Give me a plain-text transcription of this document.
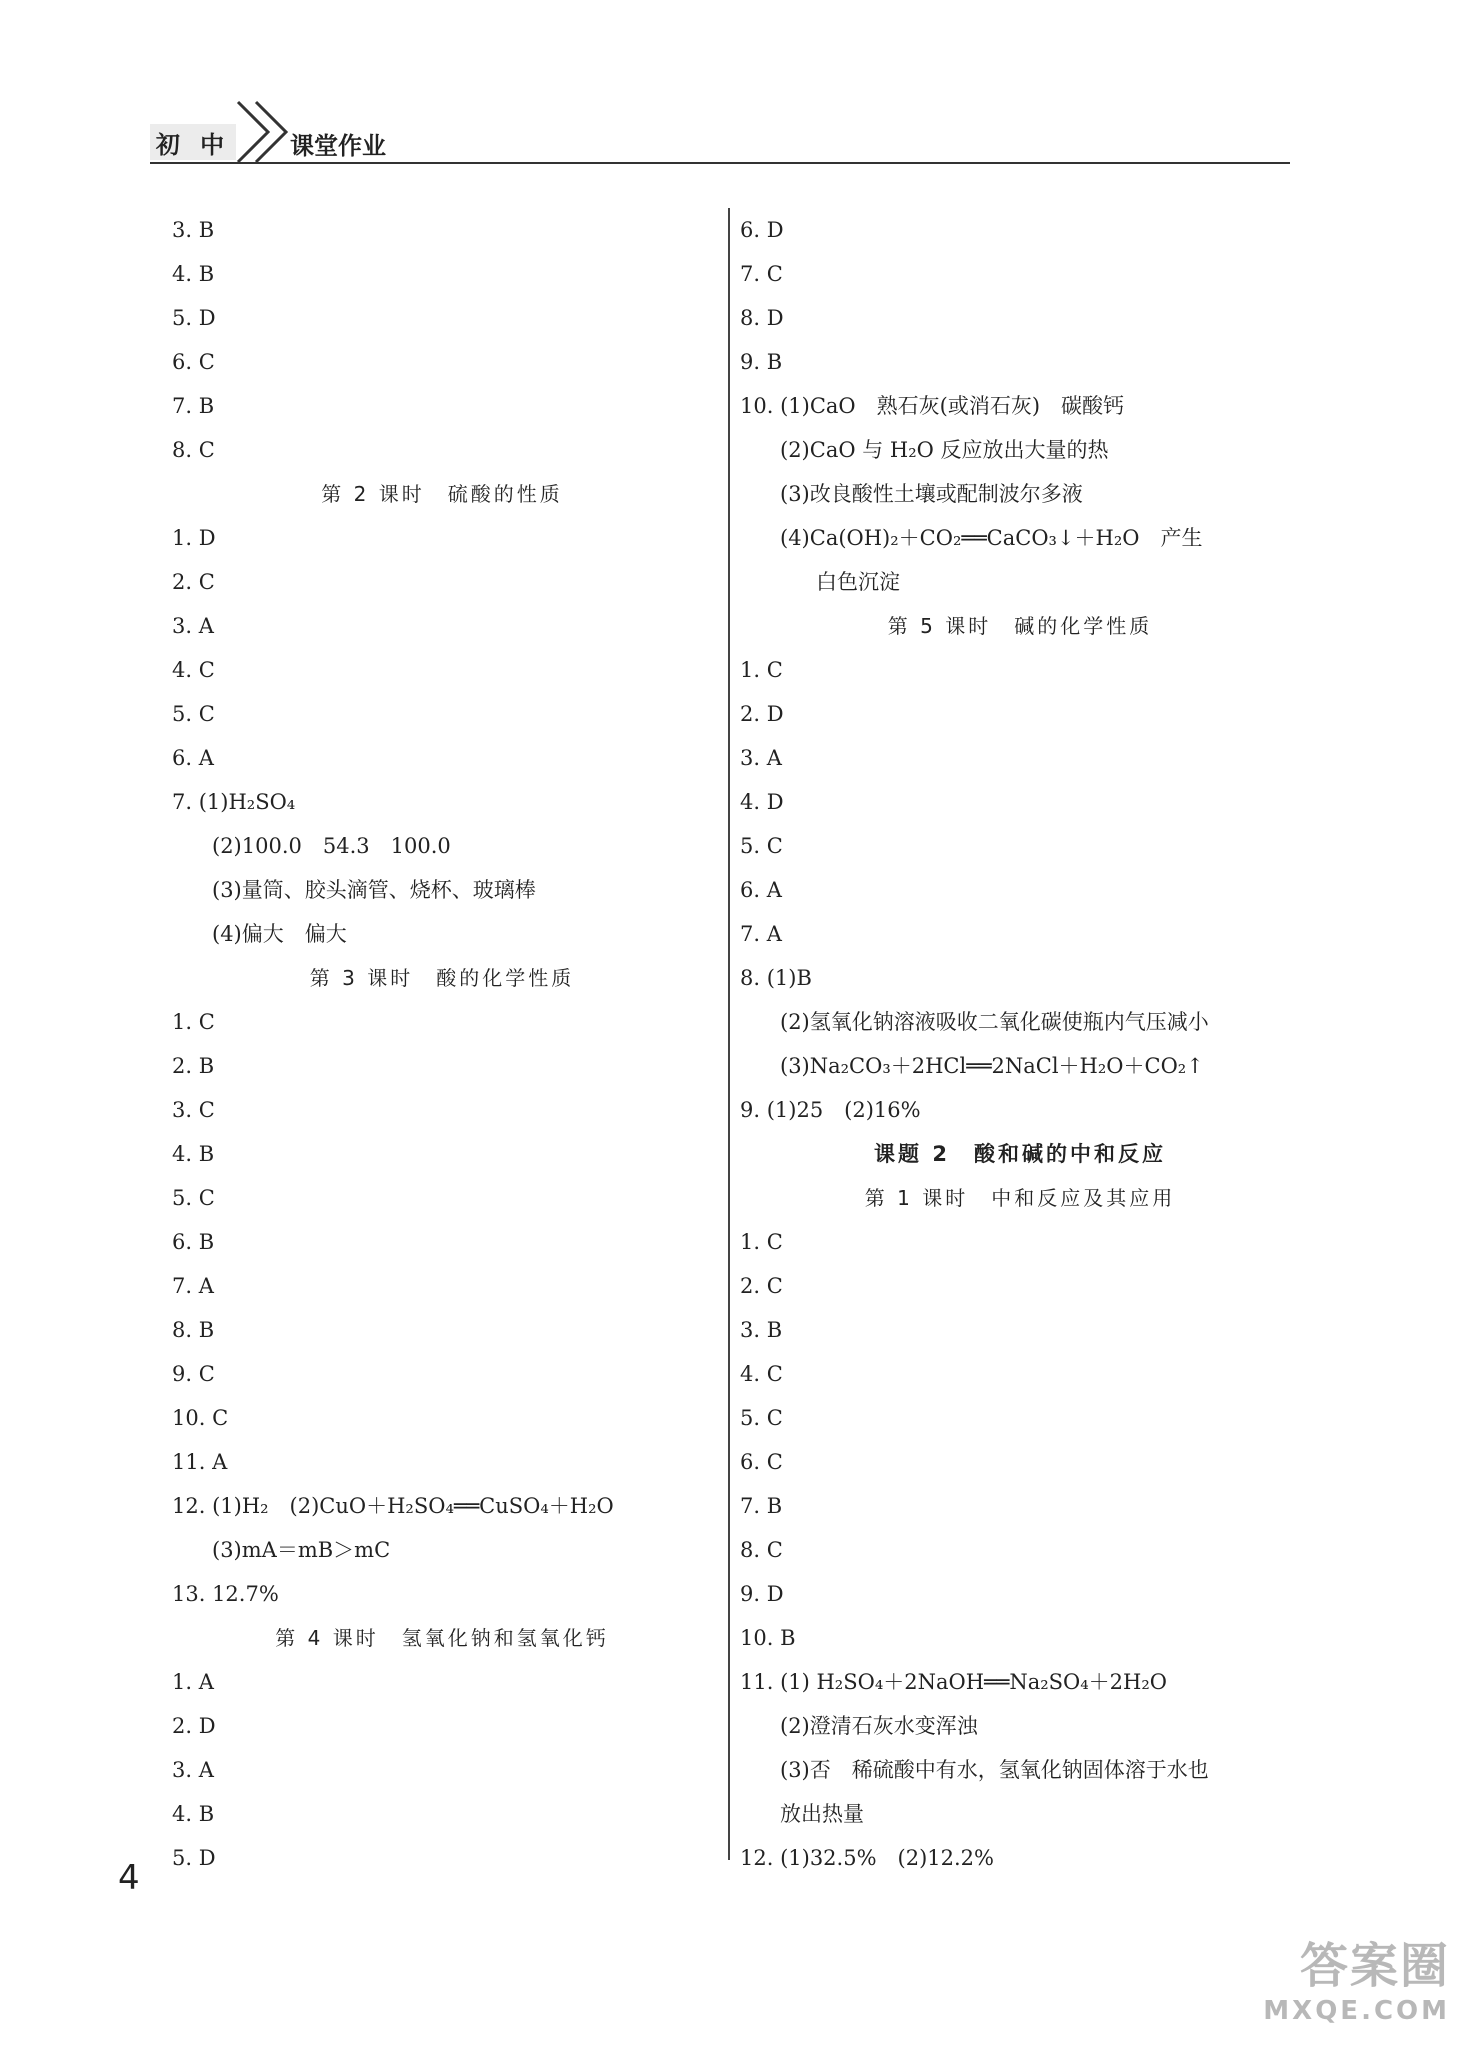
初 中 课堂作业
3. B
4. B
5. D
6. C
7. B
8. C
第 2 课时　硫酸的性质
1. D
2. C
3. A
4. C
5. C
6. A
7. (1)H₂SO₄
(2)100.0　54.3　100.0
(3)量筒、胶头滴管、烧杯、玻璃棒
(4)偏大　偏大
第 3 课时　酸的化学性质
1. C
2. B
3. C
4. B
5. C
6. B
7. A
8. B
9. C
10. C
11. A
12. (1)H₂　(2)CuO＋H₂SO₄══CuSO₄＋H₂O
(3)mA＝mB＞mC
13. 12.7%
第 4 课时　氢氧化钠和氢氧化钙
1. A
2. D
3. A
4. B
5. D
6. D
7. C
8. D
9. B
10. (1)CaO　熟石灰(或消石灰)　碳酸钙
(2)CaO 与 H₂O 反应放出大量的热
(3)改良酸性土壤或配制波尔多液
(4)Ca(OH)₂＋CO₂══CaCO₃↓＋H₂O　产生
白色沉淀
第 5 课时　碱的化学性质
1. C
2. D
3. A
4. D
5. C
6. A
7. A
8. (1)B
(2)氢氧化钠溶液吸收二氧化碳使瓶内气压减小
(3)Na₂CO₃＋2HCl══2NaCl＋H₂O＋CO₂↑
9. (1)25　(2)16%
课题 2　酸和碱的中和反应
第 1 课时　中和反应及其应用
1. C
2. C
3. B
4. C
5. C
6. C
7. B
8. C
9. D
10. B
11. (1) H₂SO₄＋2NaOH══Na₂SO₄＋2H₂O
(2)澄清石灰水变浑浊
(3)否　稀硫酸中有水，氢氧化钠固体溶于水也
放出热量
12. (1)32.5%　(2)12.2%
4
答案圈
MXQE.COM
